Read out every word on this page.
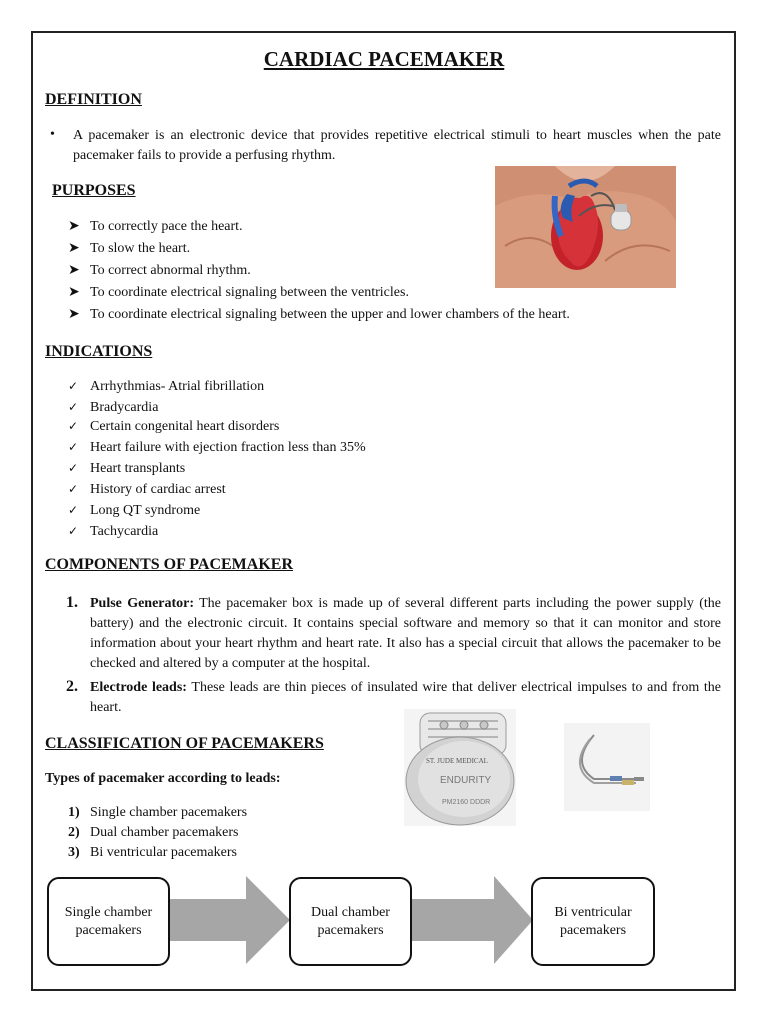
CARDIAC PACEMAKER
DEFINITION
• A pacemaker is an electronic device that provides repetitive electrical stimuli to heart muscles when the pate pacemaker fails to provide a perfusing rhythm.
PURPOSES
➤ To correctly pace the heart.
➤ To slow the heart.
➤ To correct abnormal rhythm.
➤ To coordinate electrical signaling between the ventricles.
➤ To coordinate electrical signaling between the upper and lower chambers of the heart.
INDICATIONS
✓ Arrhythmias- Atrial fibrillation
✓ Bradycardia
✓ Certain congenital heart disorders
✓ Heart failure with ejection fraction less than 35%
✓ Heart transplants
✓ History of cardiac arrest
✓ Long QT syndrome
✓ Tachycardia
COMPONENTS OF PACEMAKER
1. Pulse Generator: The pacemaker box is made up of several different parts including the power supply (the battery) and the electronic circuit. It contains special software and memory so that it can monitor and store information about your heart rhythm and heart rate. It also has a special circuit that allows the pacemaker to be checked and altered by a computer at the hospital.
2. Electrode leads: These leads are thin pieces of insulated wire that deliver electrical impulses to and from the heart.
CLASSIFICATION OF PACEMAKERS
Types of pacemaker according to leads:
1) Single chamber pacemakers
2) Dual chamber pacemakers
3) Bi ventricular pacemakers
ST. JUDE MEDICAL
ENDURITY
PM2160 DDDR
Single chamber
pacemakers
Dual chamber
pacemakers
Bi ventricular
pacemakers
